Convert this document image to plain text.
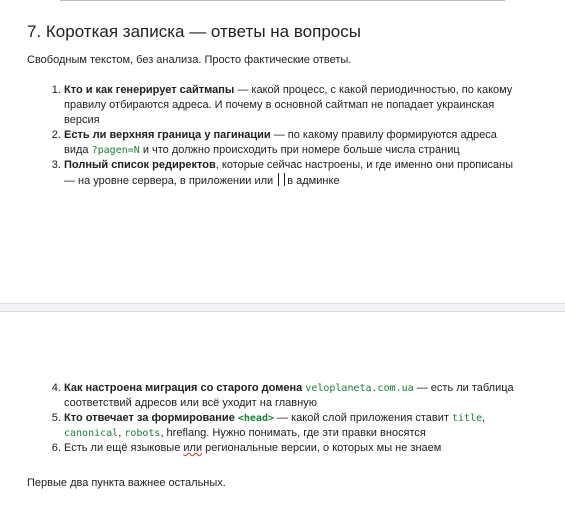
7. Короткая записка — ответы на вопросы

Свободным текстом, без анализа. Просто фактические ответы.

1. Кто и как генерирует сайтмапы — какой процесс, с какой периодичностью, по какому правилу отбираются адреса. И почему в основной сайтмап не попадает украинская версия
2. Есть ли верхняя граница у пагинации — по какому правилу формируются адреса вида ?pagen=N и что должно происходить при номере больше числа страниц
3. Полный список редиректов, которые сейчас настроены, и где именно они прописаны — на уровне сервера, в приложении или в админке
4. Как настроена миграция со старого домена veloplaneta.com.ua — есть ли таблица соответствий адресов или всё уходит на главную
5. Кто отвечает за формирование <head> — какой слой приложения ставит title, canonical, robots, hreflang. Нужно понимать, где эти правки вносятся
6. Есть ли ещё языковые или региональные версии, о которых мы не знаем

Первые два пункта важнее остальных.
